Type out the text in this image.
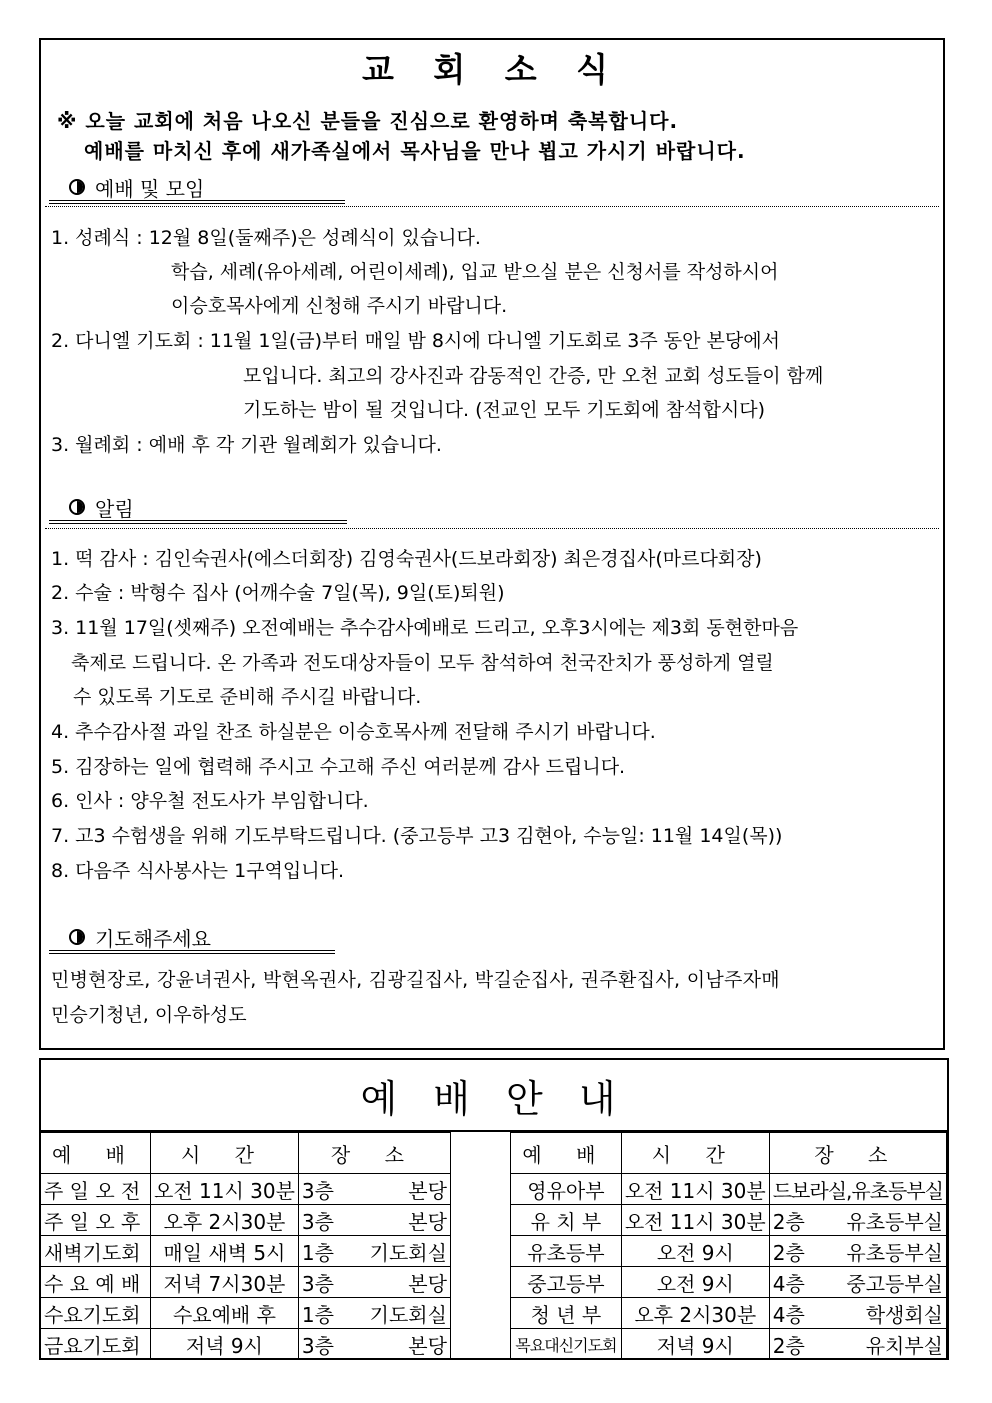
교 회 소 식
※ 오늘 교회에 처음 나오신 분들을 진심으로 환영하며 축복합니다.
예배를 마치신 후에 새가족실에서 목사님을 만나 뵙고 가시기 바랍니다.
예배 및 모임
1. 성례식 : 12월 8일(둘째주)은 성례식이 있습니다.
학습, 세례(유아세례, 어린이세례), 입교 받으실 분은 신청서를 작성하시어
이승호목사에게 신청해 주시기 바랍니다.
2. 다니엘 기도회 : 11월 1일(금)부터 매일 밤 8시에 다니엘 기도회로 3주 동안 본당에서
모입니다. 최고의 강사진과 감동적인 간증, 만 오천 교회 성도들이 함께
기도하는 밤이 될 것입니다. (전교인 모두 기도회에 참석합시다)
3. 월례회 : 예배 후 각 기관 월례회가 있습니다.
알림
1. 떡 감사 : 김인숙권사(에스더회장) 김영숙권사(드보라회장) 최은경집사(마르다회장)
2. 수술 : 박형수 집사 (어깨수술 7일(목), 9일(토)퇴원)
3. 11월 17일(셋째주) 오전예배는 추수감사예배로 드리고, 오후3시에는 제3회 동현한마음
축제로 드립니다. 온 가족과 전도대상자들이 모두 참석하여 천국잔치가 풍성하게 열릴
수 있도록 기도로 준비해 주시길 바랍니다.
4. 추수감사절 과일 찬조 하실분은 이승호목사께 전달해 주시기 바랍니다.
5. 김장하는 일에 협력해 주시고 수고해 주신 여러분께 감사 드립니다.
6. 인사 : 양우철 전도사가 부임합니다.
7. 고3 수험생을 위해 기도부탁드립니다. (중고등부 고3 김현아, 수능일: 11월 14일(목))
8. 다음주 식사봉사는 1구역입니다.
기도해주세요
민병현장로, 강윤녀권사, 박현옥권사, 김광길집사, 박길순집사, 권주환집사, 이남주자매
민승기청년, 이우하성도
예 배 안 내
예 배	시 간	장 소
주 일 오 전	오전 11시 30분	3층 본당

주 일 오 후	오후 2시30분	3층 본당

새벽기도회	매일 새벽 5시	1층 기도회실

수 요 예 배	저녁 7시30분	3층 본당

수요기도회	수요예배 후	1층 기도회실

금요기도회	저녁 9시	3층 본당
예 배	시 간	장 소
영유아부	오전 11시 30분	드보라실,유초등부실
유 치 부	오전 11시 30분	2층 유초등부실

유초등부	오전 9시	2층 유초등부실

중고등부	오전 9시	4층 중고등부실

청 년 부	오후 2시30분	4층 학생회실

목요대신기도회	저녁 9시	2층 유치부실
